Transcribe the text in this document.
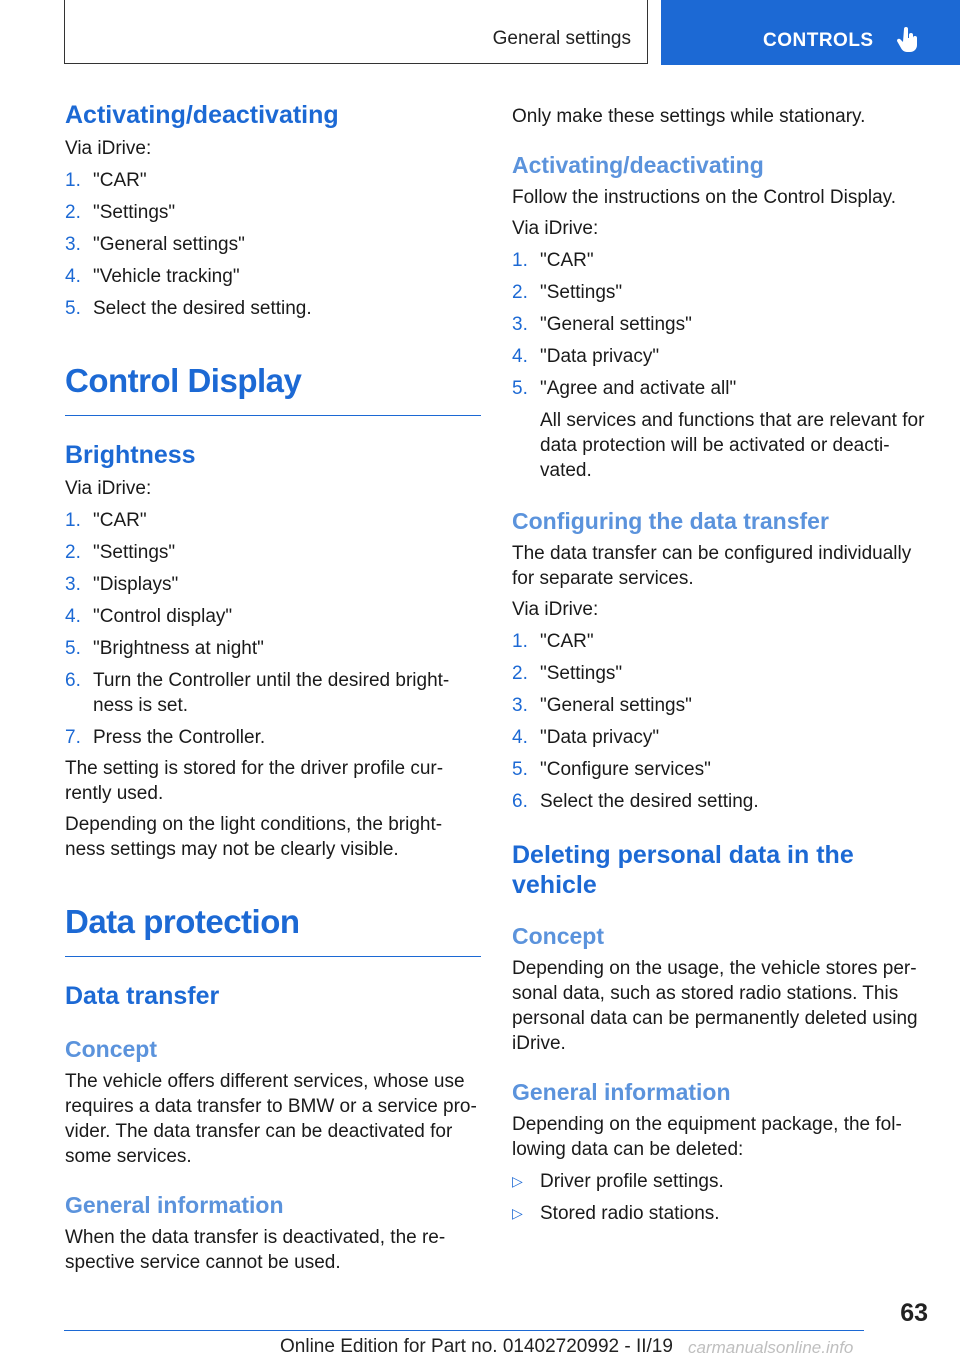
General settings	CONTROLS
Activating/deactivating

Via iDrive:

1. "CAR"
2. "Settings"
3. "General settings"
4. "Vehicle tracking"
5. Select the desired setting.
Control Display
Brightness

Via iDrive:

1. "CAR"
2. "Settings"
3. "Displays"
4. "Control display"
5. "Brightness at night"
6. Turn the Controller until the desired bright‐ness is set.
7. Press the Controller.

The setting is stored for the driver profile cur‐rently used.

Depending on the light conditions, the bright‐ness settings may not be clearly visible.

Data protection
Data transfer
Concept

The vehicle offers different services, whose use requires a data transfer to BMW or a service pro‐vider. The data transfer can be deactivated for some services.

General information

When the data transfer is deactivated, the re‐spective service cannot be used.

Only make these settings while stationary.

Activating/deactivating

Follow the instructions on the Control Display.

Via iDrive:

1. "CAR"
2. "Settings"
3. "General settings"
4. "Data privacy"
5. "Agree and activate all"
All services and functions that are relevant for data protection will be activated or deacti‐vated.
Configuring the data transfer

The data transfer can be configured individually for separate services.

Via iDrive:

1. "CAR"
2. "Settings"
3. "General settings"
4. "Data privacy"
5. "Configure services"
6. Select the desired setting.
Deleting personal data in the vehicle
Concept

Depending on the usage, the vehicle stores per‐sonal data, such as stored radio stations. This personal data can be permanently deleted using iDrive.

General information

Depending on the equipment package, the fol‐lowing data can be deleted:

▷ Driver profile settings.
▷ Stored radio stations.
63
Online Edition for Part no. 01402720992 - II/19 carmanualsonline.info
